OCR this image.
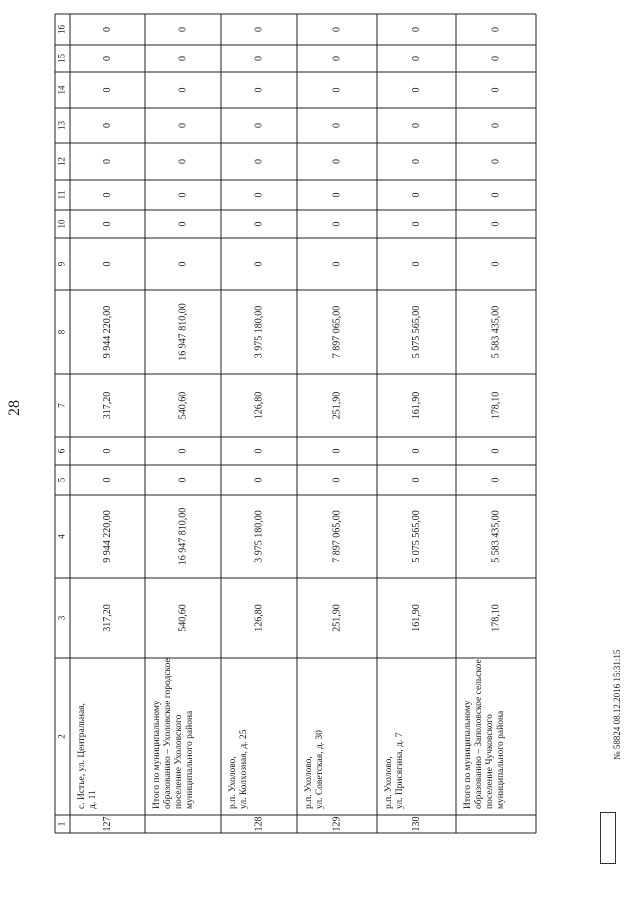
28
1
2
3
4
5
6
7
8
9
10
11
12
13
14
15
16
127
с. Истье, ул. Центральная, д. 11
317,20
9 944 220,00
0
0
317,20
9 944 220,00
0
0
0
0
0
0
0
0
Итого по муниципальному образованию – Ухоловское городское поселение Ухоловского муниципального района
540,60
16 947 810,00
0
0
540,60
16 947 810,00
0
0
0
0
0
0
0
0
128
р.п. Ухолово, ул. Колхозная, д. 25
126,80
3 975 180,00
0
0
126,80
3 975 180,00
0
0
0
0
0
0
0
0
129
р.п. Ухолово, ул. Советская, д. 30
251,90
7 897 065,00
0
0
251,90
7 897 065,00
0
0
0
0
0
0
0
0
130
р.п. Ухолово, ул. Присягина, д. 7
161,90
5 075 565,00
0
0
161,90
5 075 565,00
0
0
0
0
0
0
0
0
Итого по муниципальному образованию – Заполовское сельское поселение Чучковского муниципального района
178,10
5 583 435,00
0
0
178,10
5 583 435,00
0
0
0
0
0
0
0
0
№ 58824 08.12.2016 15:31:15
